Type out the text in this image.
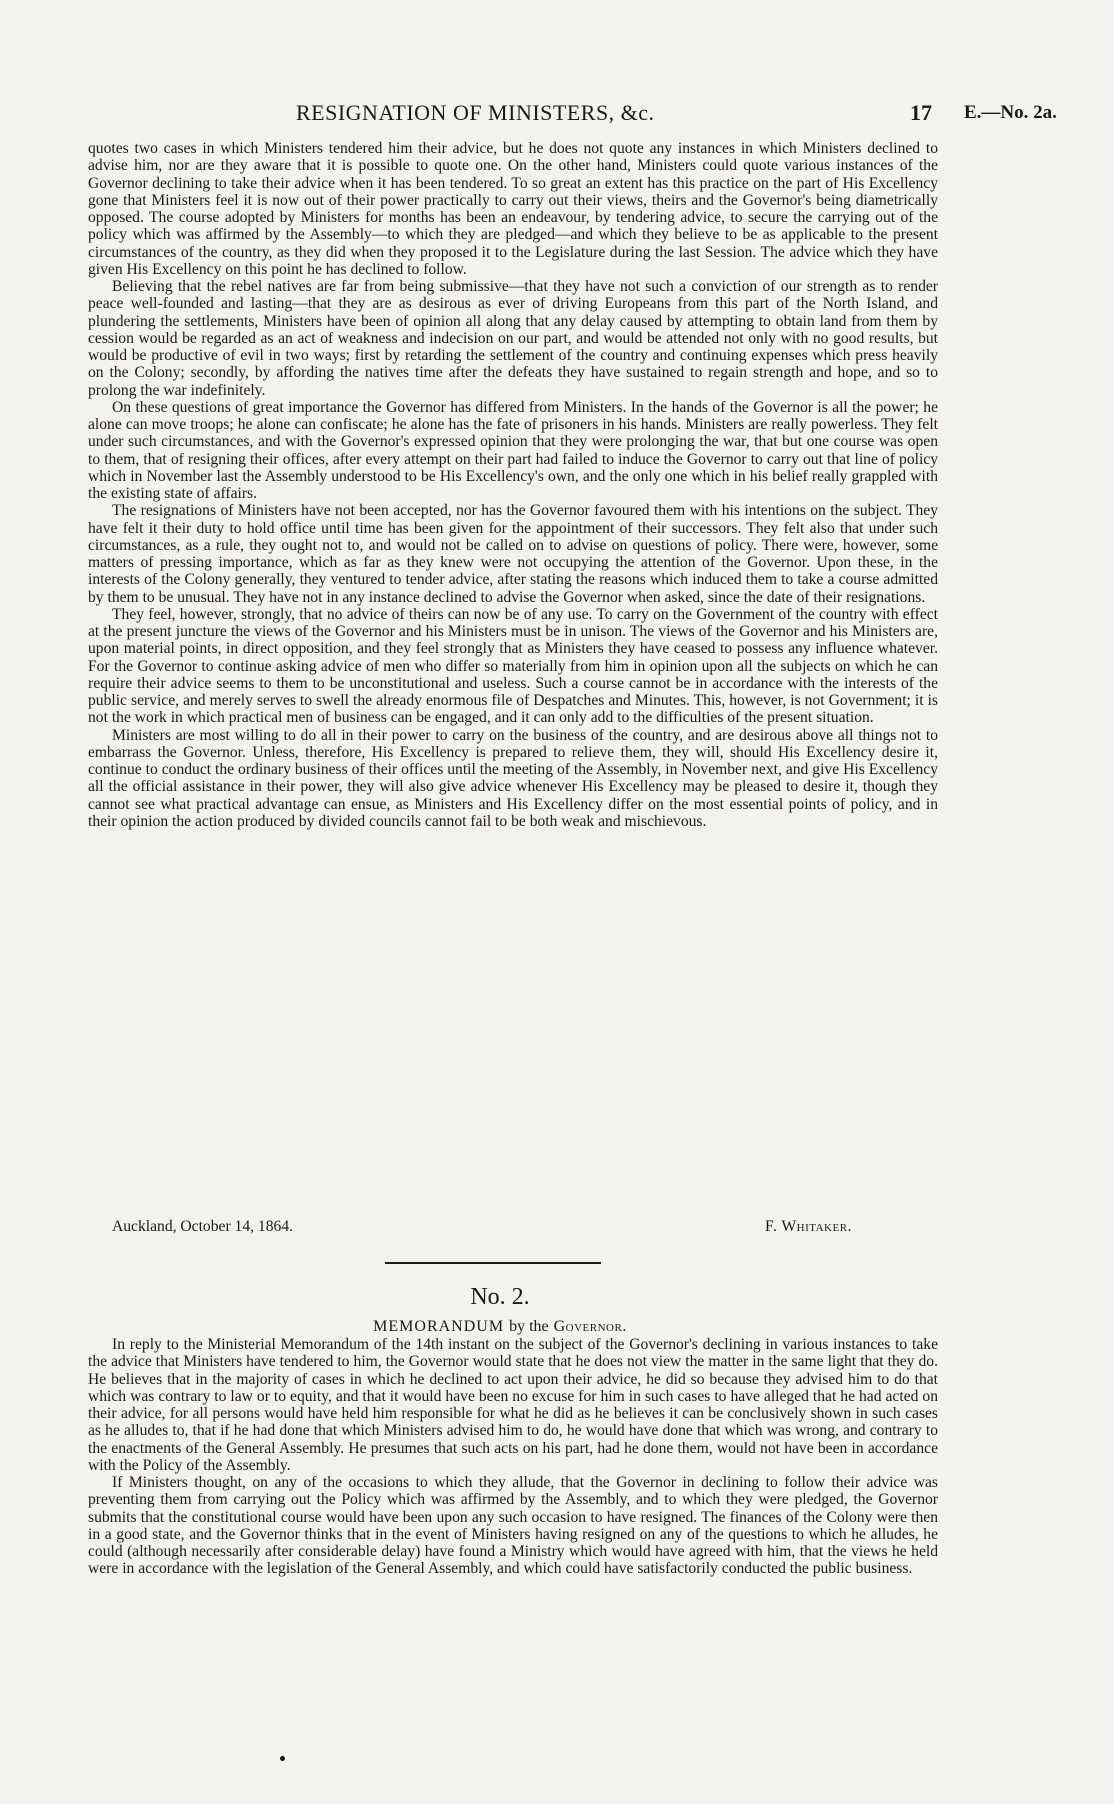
RESIGNATION OF MINISTERS, &c.	17 E.—No. 2a.

quotes two cases in which Ministers tendered him their advice, but he does not quote any instances in which Ministers declined to advise him, nor are they aware that it is possible to quote one. On the other hand, Ministers could quote various instances of the Governor declining to take their advice when it has been tendered. To so great an extent has this practice on the part of His Excellency gone that Ministers feel it is now out of their power practically to carry out their views, theirs and the Governor's being diametrically opposed. The course adopted by Ministers for months has been an endeavour, by tendering advice, to secure the carrying out of the policy which was affirmed by the Assembly—to which they are pledged—and which they believe to be as applicable to the present circumstances of the country, as they did when they proposed it to the Legislature during the last Session. The advice which they have given His Excellency on this point he has declined to follow.

Believing that the rebel natives are far from being submissive—that they have not such a conviction of our strength as to render peace well-founded and lasting—that they are as desirous as ever of driving Europeans from this part of the North Island, and plundering the settlements, Ministers have been of opinion all along that any delay caused by attempting to obtain land from them by cession would be regarded as an act of weakness and indecision on our part, and would be attended not only with no good results, but would be productive of evil in two ways; first by retarding the settlement of the country and continuing expenses which press heavily on the Colony; secondly, by affording the natives time after the defeats they have sustained to regain strength and hope, and so to prolong the war indefinitely.

On these questions of great importance the Governor has differed from Ministers. In the hands of the Governor is all the power; he alone can move troops; he alone can confiscate; he alone has the fate of prisoners in his hands. Ministers are really powerless. They felt under such circumstances, and with the Governor's expressed opinion that they were prolonging the war, that but one course was open to them, that of resigning their offices, after every attempt on their part had failed to induce the Governor to carry out that line of policy which in November last the Assembly understood to be His Excellency's own, and the only one which in his belief really grappled with the existing state of affairs.

The resignations of Ministers have not been accepted, nor has the Governor favoured them with his intentions on the subject. They have felt it their duty to hold office until time has been given for the appointment of their successors. They felt also that under such circumstances, as a rule, they ought not to, and would not be called on to advise on questions of policy. There were, however, some matters of pressing importance, which as far as they knew were not occupying the attention of the Governor. Upon these, in the interests of the Colony generally, they ventured to tender advice, after stating the reasons which induced them to take a course admitted by them to be unusual. They have not in any instance declined to advise the Governor when asked, since the date of their resignations.

They feel, however, strongly, that no advice of theirs can now be of any use. To carry on the Government of the country with effect at the present juncture the views of the Governor and his Ministers must be in unison. The views of the Governor and his Ministers are, upon material points, in direct opposition, and they feel strongly that as Ministers they have ceased to possess any influence whatever. For the Governor to continue asking advice of men who differ so materially from him in opinion upon all the subjects on which he can require their advice seems to them to be unconstitutional and useless. Such a course cannot be in accordance with the interests of the public service, and merely serves to swell the already enormous file of Despatches and Minutes. This, however, is not Government; it is not the work in which practical men of business can be engaged, and it can only add to the difficulties of the present situation.

Ministers are most willing to do all in their power to carry on the business of the country, and are desirous above all things not to embarrass the Governor. Unless, therefore, His Excellency is prepared to relieve them, they will, should His Excellency desire it, continue to conduct the ordinary business of their offices until the meeting of the Assembly, in November next, and give His Excellency all the official assistance in their power, they will also give advice whenever His Excellency may be pleased to desire it, though they cannot see what practical advantage can ensue, as Ministers and His Excellency differ on the most essential points of policy, and in their opinion the action produced by divided councils cannot fail to be both weak and mischievous.

Auckland, October 14, 1864.	F. Whitaker.
No. 2.
MEMORANDUM by the Governor.

In reply to the Ministerial Memorandum of the 14th instant on the subject of the Governor's declining in various instances to take the advice that Ministers have tendered to him, the Governor would state that he does not view the matter in the same light that they do. He believes that in the majority of cases in which he declined to act upon their advice, he did so because they advised him to do that which was contrary to law or to equity, and that it would have been no excuse for him in such cases to have alleged that he had acted on their advice, for all persons would have held him responsible for what he did as he believes it can be conclusively shown in such cases as he alludes to, that if he had done that which Ministers advised him to do, he would have done that which was wrong, and contrary to the enactments of the General Assembly. He presumes that such acts on his part, had he done them, would not have been in accordance with the Policy of the Assembly.

If Ministers thought, on any of the occasions to which they allude, that the Governor in declining to follow their advice was preventing them from carrying out the Policy which was affirmed by the Assembly, and to which they were pledged, the Governor submits that the constitutional course would have been upon any such occasion to have resigned. The finances of the Colony were then in a good state, and the Governor thinks that in the event of Ministers having resigned on any of the questions to which he alludes, he could (although necessarily after considerable delay) have found a Ministry which would have agreed with him, that the views he held were in accordance with the legislation of the General Assembly, and which could have satisfactorily conducted the public business.
